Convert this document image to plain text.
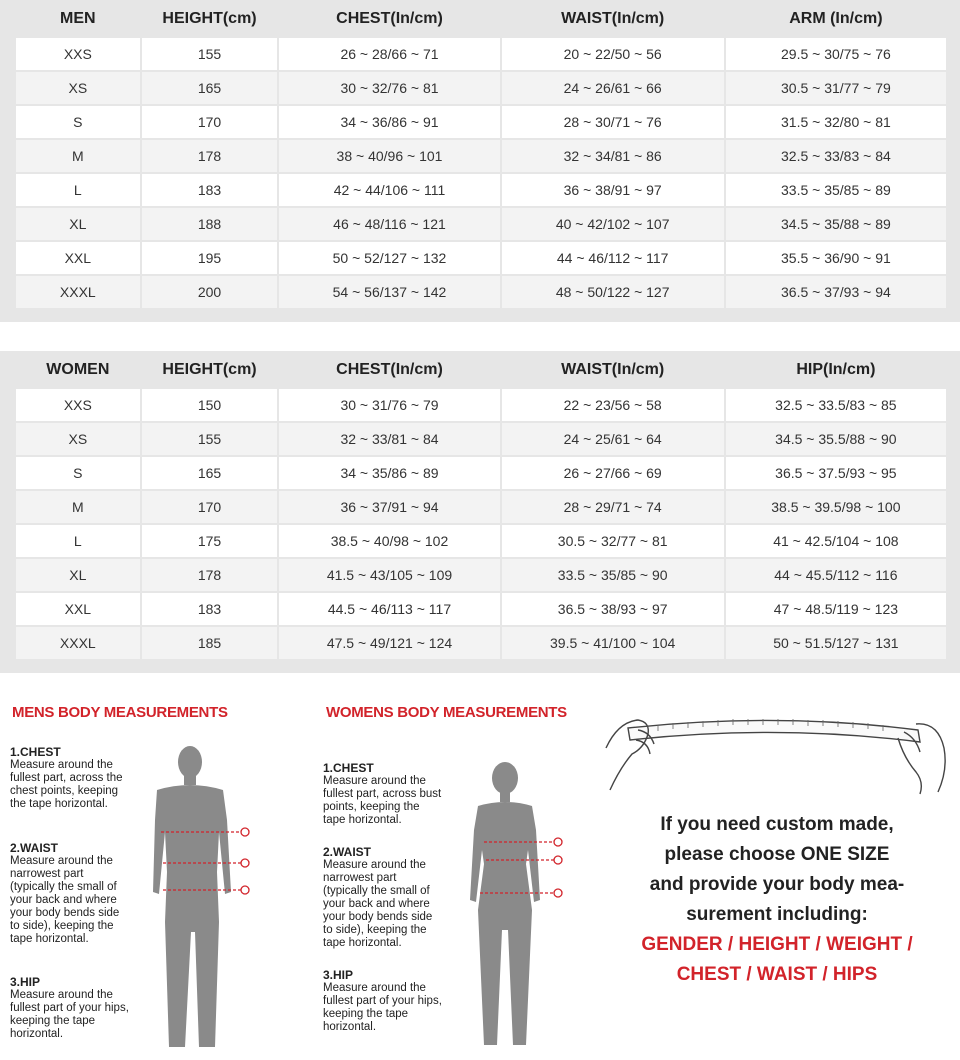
MEN	HEIGHT(cm)	CHEST(In/cm)	WAIST(In/cm)	ARM (In/cm)
XXS	155	26 ~ 28/66 ~ 71	20 ~ 22/50 ~ 56	29.5 ~ 30/75 ~ 76
XS	165	30 ~ 32/76 ~ 81	24 ~ 26/61 ~ 66	30.5 ~ 31/77 ~ 79
S	170	34 ~ 36/86 ~ 91	28 ~ 30/71 ~ 76	31.5 ~ 32/80 ~ 81
M	178	38 ~ 40/96 ~ 101	32 ~ 34/81 ~ 86	32.5 ~ 33/83 ~ 84
L	183	42 ~ 44/106 ~ 111	36 ~ 38/91 ~ 97	33.5 ~ 35/85 ~ 89
XL	188	46 ~ 48/116 ~ 121	40 ~ 42/102 ~ 107	34.5 ~ 35/88 ~ 89
XXL	195	50 ~ 52/127 ~ 132	44 ~ 46/112 ~ 117	35.5 ~ 36/90 ~ 91
XXXL	200	54 ~ 56/137 ~ 142	48 ~ 50/122 ~ 127	36.5 ~ 37/93 ~ 94
WOMEN	HEIGHT(cm)	CHEST(In/cm)	WAIST(In/cm)	HIP(In/cm)
XXS	150	30 ~ 31/76 ~ 79	22 ~ 23/56 ~ 58	32.5 ~ 33.5/83 ~ 85
XS	155	32 ~ 33/81 ~ 84	24 ~ 25/61 ~ 64	34.5 ~ 35.5/88 ~ 90
S	165	34 ~ 35/86 ~ 89	26 ~ 27/66 ~ 69	36.5 ~ 37.5/93 ~ 95
M	170	36 ~ 37/91 ~ 94	28 ~ 29/71 ~ 74	38.5 ~ 39.5/98 ~ 100
L	175	38.5 ~ 40/98 ~ 102	30.5 ~ 32/77 ~ 81	41 ~ 42.5/104 ~ 108
XL	178	41.5 ~ 43/105 ~ 109	33.5 ~ 35/85 ~ 90	44 ~ 45.5/112 ~ 116
XXL	183	44.5 ~ 46/113 ~ 117	36.5 ~ 38/93 ~ 97	47 ~ 48.5/119 ~ 123
XXXL	185	47.5 ~ 49/121 ~ 124	39.5 ~ 41/100 ~ 104	50 ~ 51.5/127 ~ 131
MENS BODY MEASUREMENTS
1.CHEST
Measure around the fullest part, across the chest points, keeping the tape horizontal.
2.WAIST
Measure around the narrowest part (typically the small of your back and where your body bends side to side), keeping the tape horizontal.
3.HIP
Measure around the fullest part of your hips, keeping the tape horizontal.
WOMENS BODY MEASUREMENTS
1.CHEST
Measure around the fullest part, across bust points, keeping the tape horizontal.
2.WAIST
Measure around the narrowest part (typically the small of your back and where your body bends side to side), keeping the tape horizontal.
3.HIP
Measure around the fullest part of your hips, keeping the tape horizontal.
If you need custom made,
please choose ONE SIZE
and provide your body mea-
surement including:
GENDER / HEIGHT / WEIGHT /
CHEST / WAIST / HIPS
